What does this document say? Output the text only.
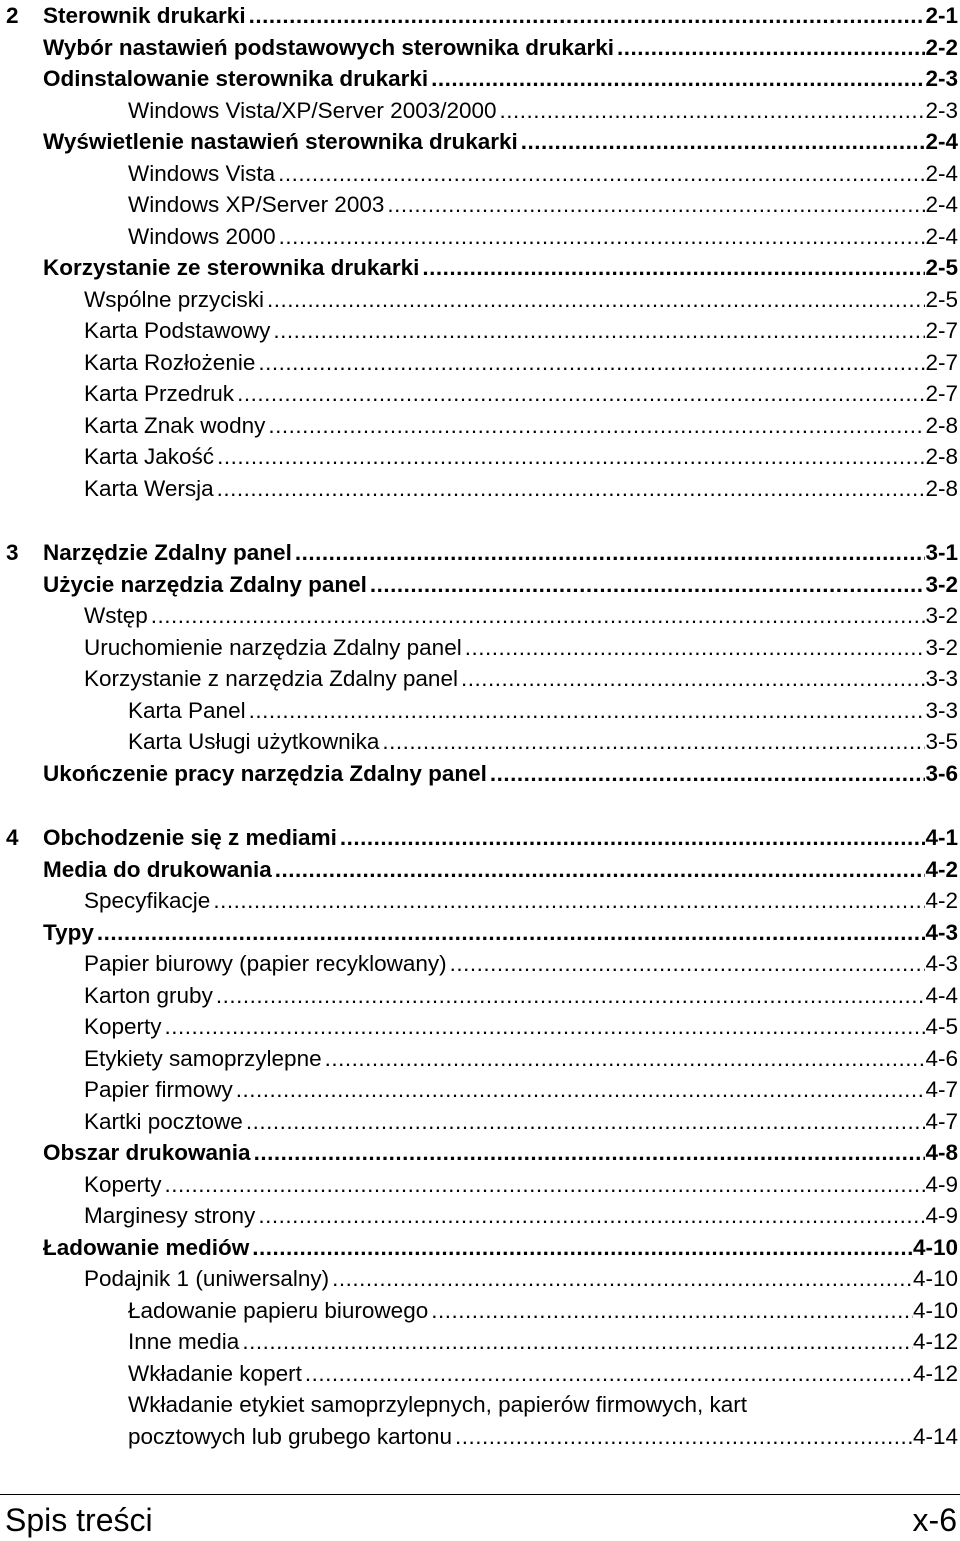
2 Sterownik drukarki .....	2-1
Wybór nastawień podstawowych sterownika drukarki .....	2-2
Odinstalowanie sterownika drukarki .....	2-3
Windows Vista/XP/Server 2003/2000 .....	2-3
Wyświetlenie nastawień sterownika drukarki .....	2-4
Windows Vista .....	2-4
Windows XP/Server 2003 .....	2-4
Windows 2000 .....	2-4
Korzystanie ze sterownika drukarki .....	2-5
Wspólne przyciski .....	2-5
Karta Podstawowy .....	2-7
Karta Rozłożenie .....	2-7
Karta Przedruk .....	2-7
Karta Znak wodny .....	2-8
Karta Jakość .....	2-8
Karta Wersja .....	2-8
3 Narzędzie Zdalny panel .....	3-1
Użycie narzędzia Zdalny panel .....	3-2
Wstęp .....	3-2
Uruchomienie narzędzia Zdalny panel .....	3-2
Korzystanie z narzędzia Zdalny panel .....	3-3
Karta Panel .....	3-3
Karta Usługi użytkownika .....	3-5
Ukończenie pracy narzędzia Zdalny panel .....	3-6
4 Obchodzenie się z mediami .....	4-1
Media do drukowania .....	4-2
Specyfikacje .....	4-2
Typy .....	4-3
Papier biurowy (papier recyklowany) .....	4-3
Karton gruby .....	4-4
Koperty .....	4-5
Etykiety samoprzylepne .....	4-6
Papier firmowy .....	4-7
Kartki pocztowe .....	4-7
Obszar drukowania .....	4-8
Koperty .....	4-9
Marginesy strony .....	4-9
Ładowanie mediów .....	4-10
Podajnik 1 (uniwersalny) .....	4-10
Ładowanie papieru biurowego .....	4-10
Inne media .....	4-12
Wkładanie kopert .....	4-12
Wkładanie etykiet samoprzylepnych, papierów firmowych, kart
pocztowych lub grubego kartonu .....	4-14
Spis treści	x-6
